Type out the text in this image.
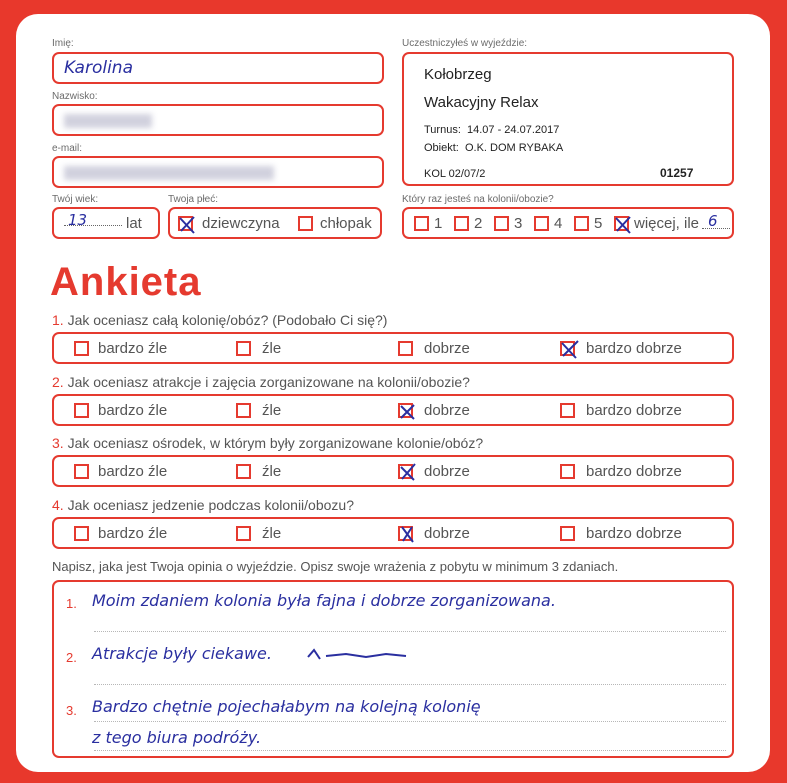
Imię:
Karolina
Nazwisko:
e-mail:
Twój wiek:
13	lat
Twoja płeć:
dziewczyna	chłopak
Uczestniczyłeś w wyjeździe:
Kołobrzeg
Wakacyjny Relax
Turnus:  14.07 - 24.07.2017
Obiekt:  O.K. DOM RYBAKA
KOL 02/07/2	01257
Który raz jesteś na kolonii/obozie?
1 2 3 4 5 więcej, ile 6
Ankieta
1. Jak oceniasz całą kolonię/obóz? (Podobało Ci się?)
bardzo źle	źle	dobrze	bardzo dobrze
2. Jak oceniasz atrakcje i zajęcia zorganizowane na kolonii/obozie?
bardzo źle	źle	dobrze	bardzo dobrze
3. Jak oceniasz ośrodek, w którym były zorganizowane kolonie/obóz?
bardzo źle	źle	dobrze	bardzo dobrze
4. Jak oceniasz jedzenie podczas kolonii/obozu?
bardzo źle	źle	dobrze	bardzo dobrze
Napisz, jaka jest Twoja opinia o wyjeździe. Opisz swoje wrażenia z pobytu w minimum 3 zdaniach.
1.
2.
3.
Moim zdaniem kolonia była fajna i dobrze zorganizowana.
Atrakcje były ciekawe.
Bardzo chętnie pojechałabym na kolejną kolonię
z tego biura podróży.
